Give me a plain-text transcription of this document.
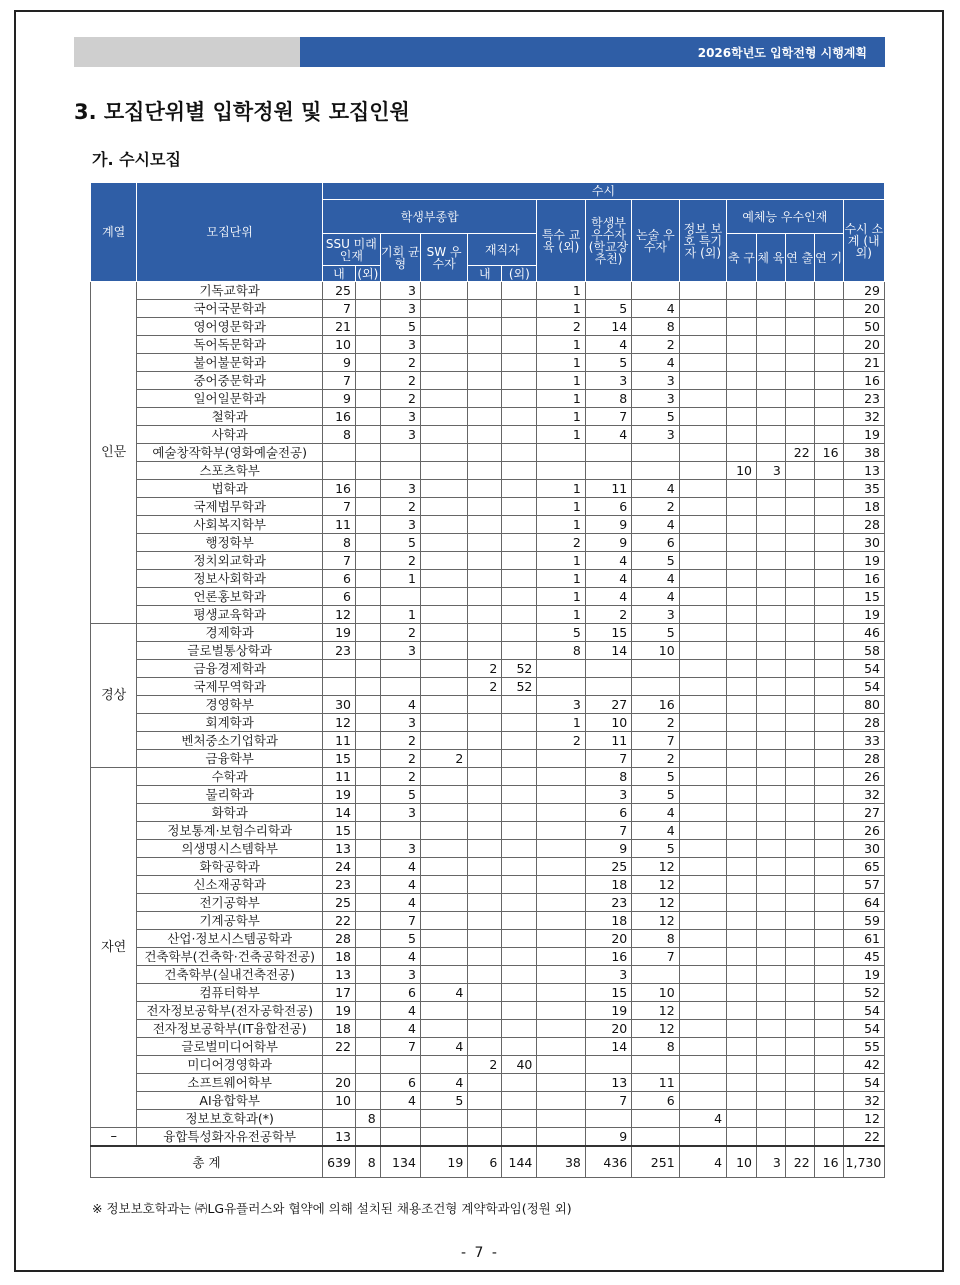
2026학년도 입학전형 시행계획
3. 모집단위별 입학정원 및 모집인원
가. 수시모집
계열	모집단위	수시														
		학생부종합						특수 교육 (외)	학생부 우수자 (학교장 추천)	논술 우수자	정보 보호 특기자 (외)	예체능 우수인재				수시 소계 (내외)
		SSU 미래인재		기회 균형	SW 우수자	재직자						축 구	체 육	연 출	연 기	
		내	(외)			내	(외)									
인문	기독교학과	25		3				1								29
	국어국문학과	7		3				1	5	4						20
	영어영문학과	21		5				2	14	8						50
	독어독문학과	10		3				1	4	2						20
	불어불문학과	9		2				1	5	4						21
	중어중문학과	7		2				1	3	3						16
	일어일문학과	9		2				1	8	3						23
	철학과	16		3				1	7	5						32
	사학과	8		3				1	4	3						19
	예술창작학부(영화예술전공)													22	16	38
	스포츠학부											10	3			13
	법학과	16		3				1	11	4						35
	국제법무학과	7		2				1	6	2						18
	사회복지학부	11		3				1	9	4						28
	행정학부	8		5				2	9	6						30
	정치외교학과	7		2				1	4	5						19
	정보사회학과	6		1				1	4	4						16
	언론홍보학과	6						1	4	4						15
	평생교육학과	12		1				1	2	3						19
경상	경제학과	19		2				5	15	5						46
	글로벌통상학과	23		3				8	14	10						58
	금융경제학과					2	52									54
	국제무역학과					2	52									54
	경영학부	30		4				3	27	16						80
	회계학과	12		3				1	10	2						28
	벤처중소기업학과	11		2				2	11	7						33
	금융학부	15		2	2				7	2						28
자연	수학과	11		2					8	5						26
	물리학과	19		5					3	5						32
	화학과	14		3					6	4						27
	정보통계·보험수리학과	15							7	4						26
	의생명시스템학부	13		3					9	5						30
	화학공학과	24		4					25	12						65
	신소재공학과	23		4					18	12						57
	전기공학부	25		4					23	12						64
	기계공학부	22		7					18	12						59
	산업·정보시스템공학과	28		5					20	8						61
	건축학부(건축학·건축공학전공)	18		4					16	7						45
	건축학부(실내건축전공)	13		3					3							19
	컴퓨터학부	17		6	4				15	10						52
	전자정보공학부(전자공학전공)	19		4					19	12						54
	전자정보공학부(IT융합전공)	18		4					20	12						54
	글로벌미디어학부	22		7	4				14	8						55
	미디어경영학과					2	40									42
	소프트웨어학부	20		6	4				13	11						54
	AI융합학부	10		4	5				7	6						32
	정보보호학과(*)		8								4					12
–	융합특성화자유전공학부	13							9							22
총 계		639	8	134	19	6	144	38	436	251	4	10	3	22	16	1,730
※ 정보보호학과는 ㈜LG유플러스와 협약에 의해 설치된 채용조건형 계약학과임(정원 외)
- 7 -
